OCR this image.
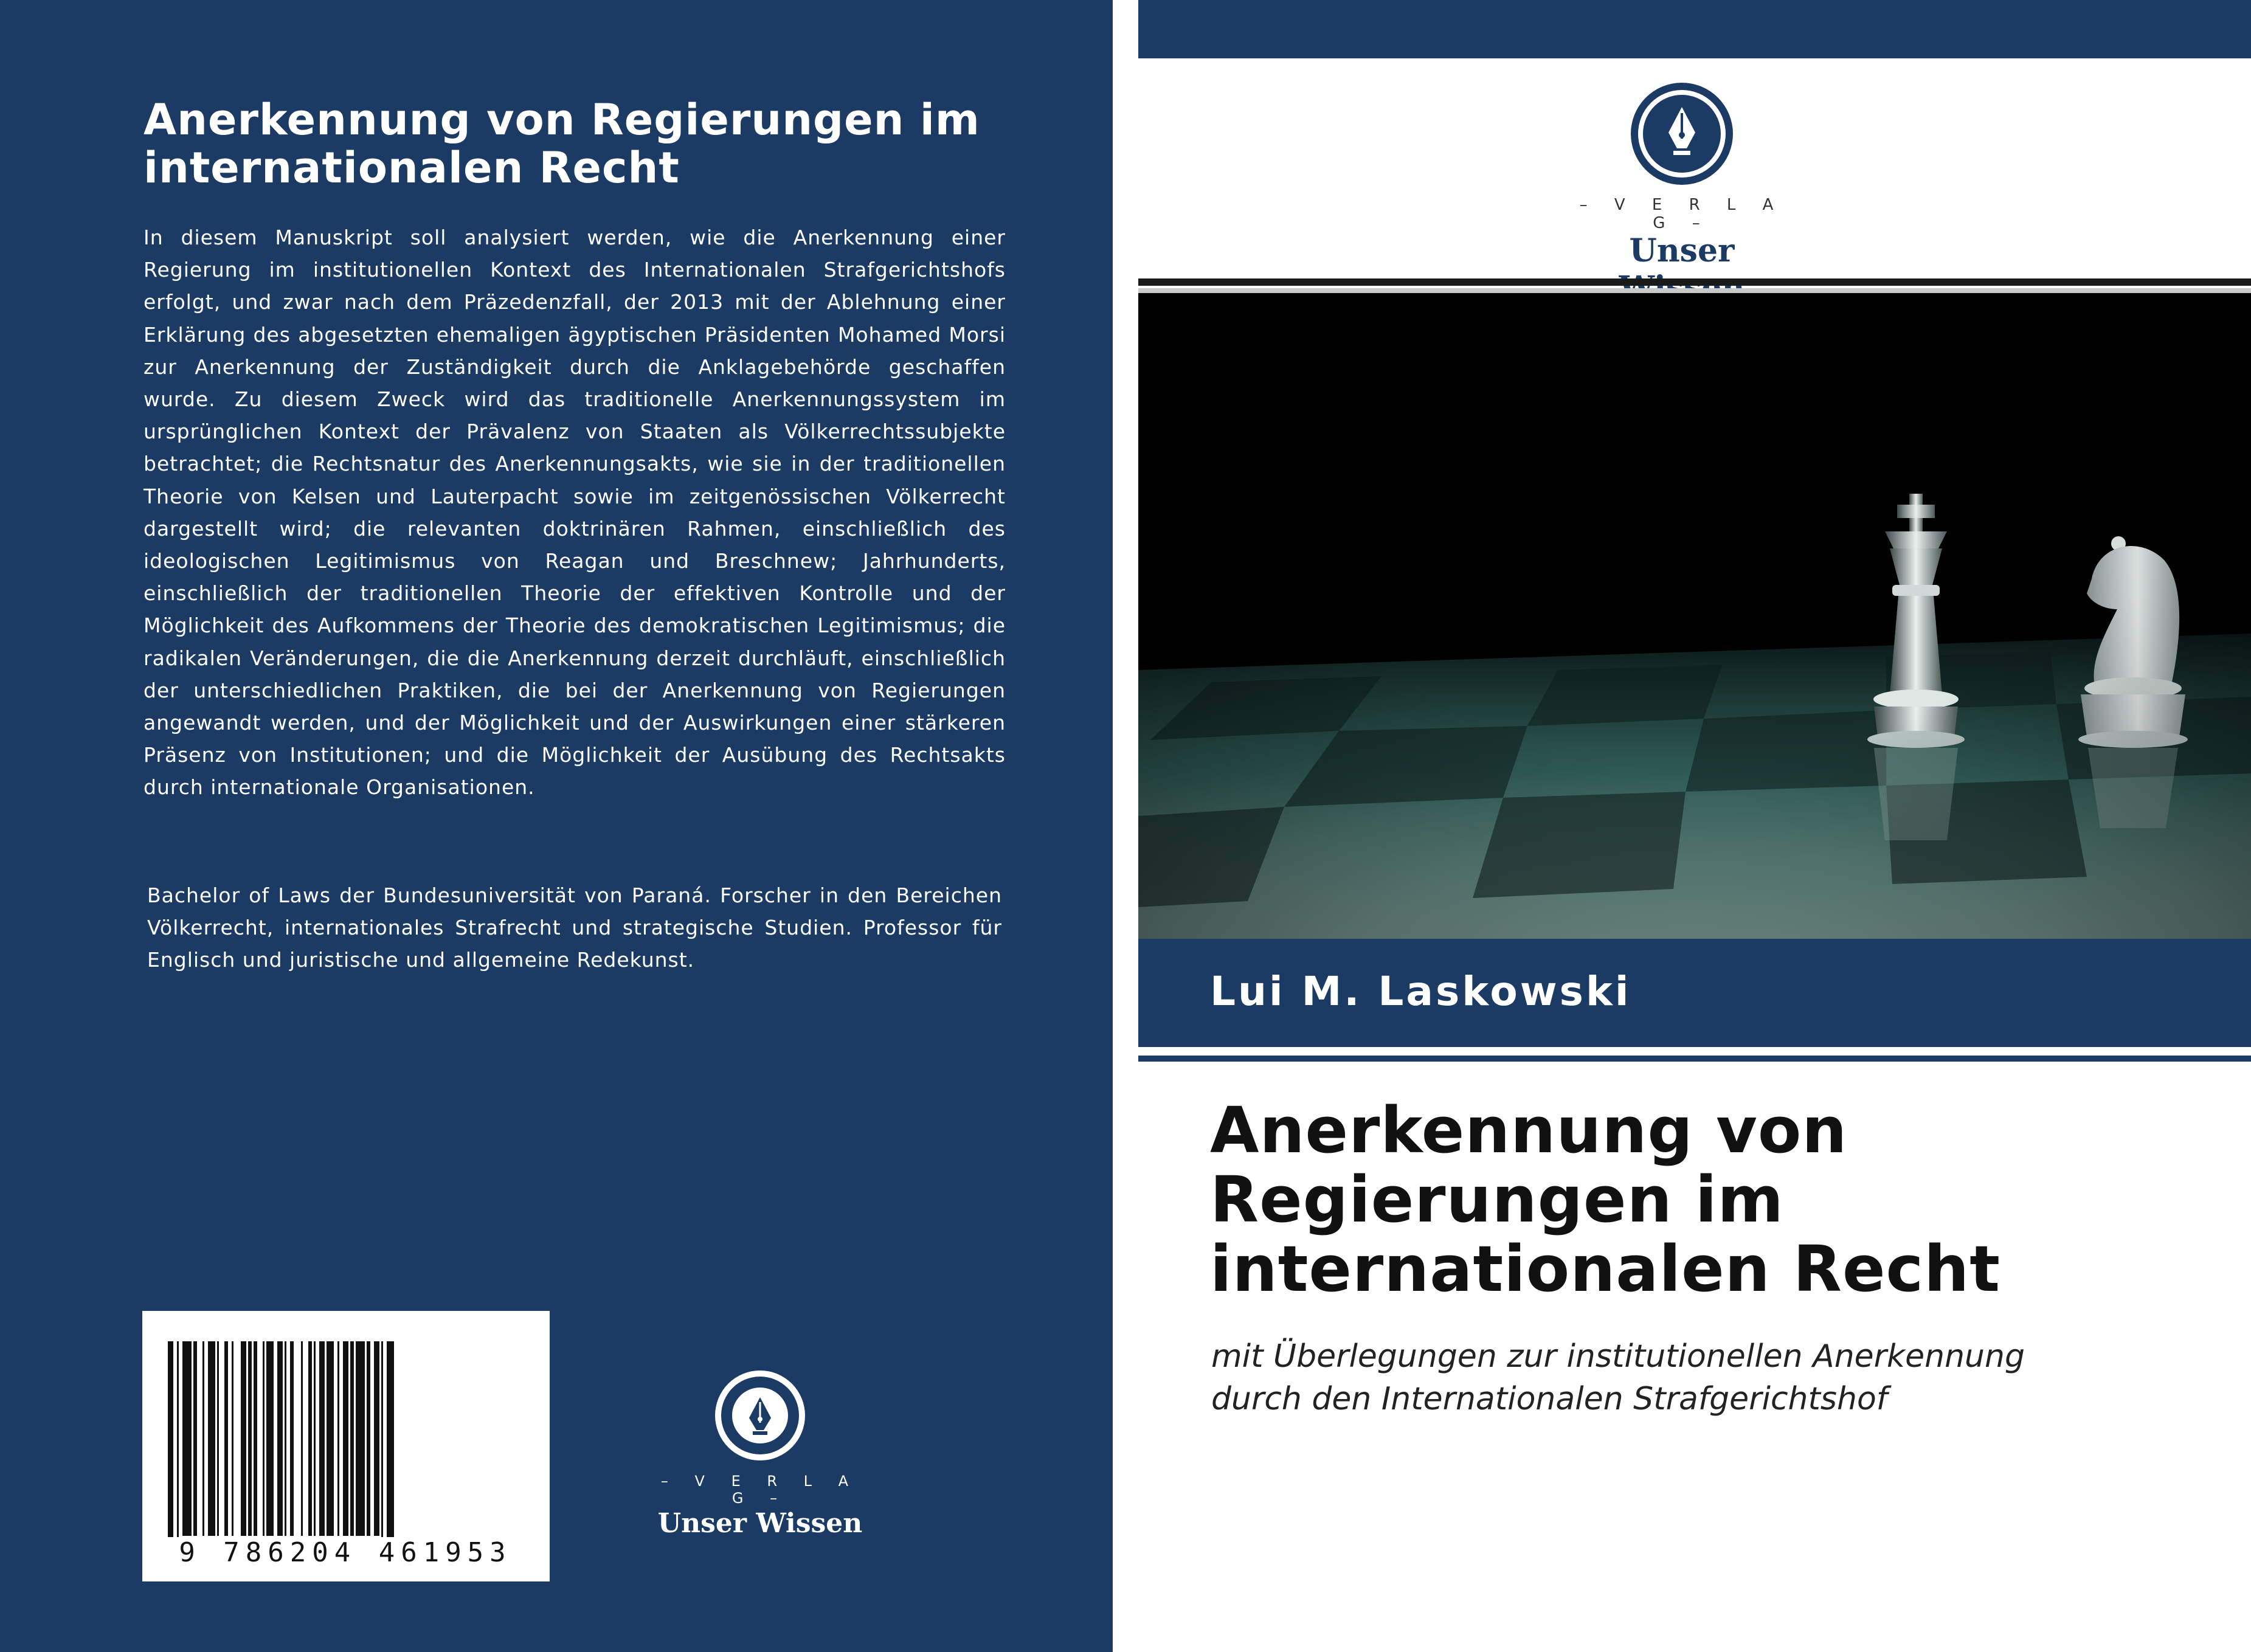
Anerkennung von Regierungen im internationalen Recht

In diesem Manuskript soll analysiert werden, wie die Anerkennung einer Regierung im institutionellen Kontext des Internationalen Strafgerichtshofs erfolgt, und zwar nach dem Präzedenzfall, der 2013 mit der Ablehnung einer Erklärung des abgesetzten ehemaligen ägyptischen Präsidenten Mohamed Morsi zur Anerkennung der Zuständigkeit durch die Anklagebehörde geschaffen wurde. Zu diesem Zweck wird das traditionelle Anerkennungssystem im ursprünglichen Kontext der Prävalenz von Staaten als Völkerrechtssubjekte betrachtet; die Rechtsnatur des Anerkennungsakts, wie sie in der traditionellen Theorie von Kelsen und Lauterpacht sowie im zeitgenössischen Völkerrecht dargestellt wird; die relevanten doktrinären Rahmen, einschließlich des ideologischen Legitimismus von Reagan und Breschnew; Jahrhunderts, einschließlich der traditionellen Theorie der effektiven Kontrolle und der Möglichkeit des Aufkommens der Theorie des demokratischen Legitimismus; die radikalen Veränderungen, die die Anerkennung derzeit durchläuft, einschließlich der unterschiedlichen Praktiken, die bei der Anerkennung von Regierungen angewandt werden, und der Möglichkeit und der Auswirkungen einer stärkeren Präsenz von Institutionen; und die Möglichkeit der Ausübung des Rechtsakts durch internationale Organisationen.

Bachelor of Laws der Bundesuniversität von Paraná. Forscher in den Bereichen Völkerrecht, internationales Strafrecht und strategische Studien. Professor für Englisch und juristische und allgemeine Redekunst.

9 786204 461953
– V E R L A G –
Unser Wissen
– V E R L A G –
Unser
Lui M. Laskowski
Anerkennung von
Regierungen im
internationalen Recht
mit Überlegungen zur institutionellen Anerkennung
durch den Internationalen Strafgerichtshof
